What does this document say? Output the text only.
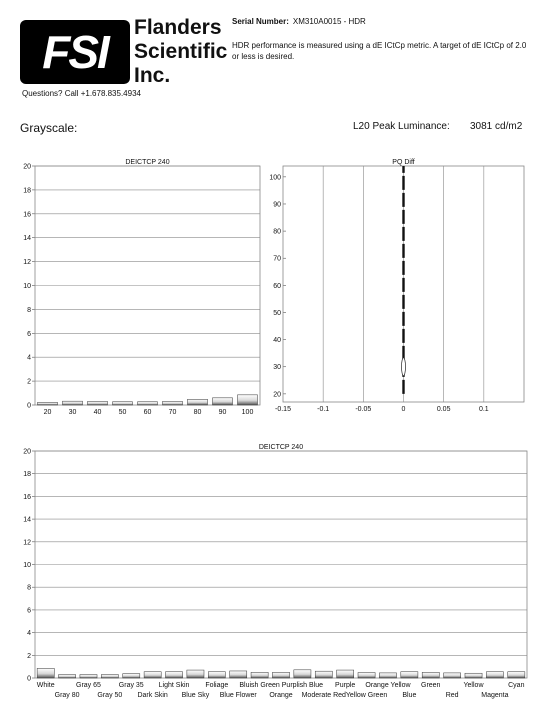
FSI	Flanders
Scientific
Inc.
Questions? Call +1.678.835.4934
Serial Number: XM310A0015 - HDR
HDR performance is measured using a dE ICtCp metric. A target of dE ICtCp of 2.0 or less is desired.
Grayscale:	L20 Peak Luminance: 3081 cd/m2
0
2
4
6
8
10
12
14
16
18
20
DEICTCP 240
20 30 40 50 60 70 80 90 100	-0.15	-0.1	-0.05	0	0.05	0.1
20
30
40
50
60
70
80
90
100
PQ Diff
0
2
4
6
8
10
12
14
16
18
20
DEICTCP 240
White
Gray 80
Gray 65
Gray 50
Gray 35
Dark Skin
Light Skin
Blue Sky
Foliage
Blue Flower
Bluish Green
Orange
Purplish Blue
Moderate Red
Purple
Yellow Green
Orange Yellow
Blue
Green
Red
Yellow
Magenta
Cyan
